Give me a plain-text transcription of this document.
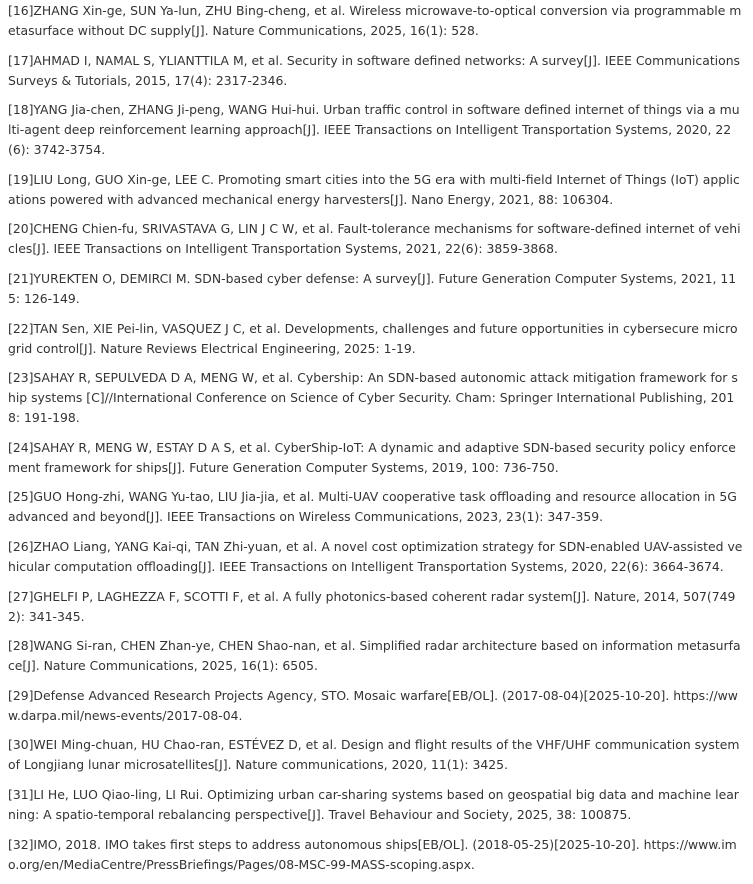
[16]ZHANG Xin-ge, SUN Ya-lun, ZHU Bing-cheng, et al. Wireless microwave-to-optical conversion via programmable metasurface without DC supply[J]. Nature Communications, 2025, 16(1): 528.

[17]AHMAD I, NAMAL S, YLIANTTILA M, et al. Security in software defined networks: A survey[J]. IEEE Communications Surveys & Tutorials, 2015, 17(4): 2317-2346.

[18]YANG Jia-chen, ZHANG Ji-peng, WANG Hui-hui. Urban traffic control in software defined internet of things via a multi-agent deep reinforcement learning approach[J]. IEEE Transactions on Intelligent Transportation Systems, 2020, 22(6): 3742-3754.

[19]LIU Long, GUO Xin-ge, LEE C. Promoting smart cities into the 5G era with multi-field Internet of Things (IoT) applications powered with advanced mechanical energy harvesters[J]. Nano Energy, 2021, 88: 106304.

[20]CHENG Chien-fu, SRIVASTAVA G, LIN J C W, et al. Fault-tolerance mechanisms for software-defined internet of vehicles[J]. IEEE Transactions on Intelligent Transportation Systems, 2021, 22(6): 3859-3868.

[21]YUREKTEN O, DEMIRCI M. SDN-based cyber defense: A survey[J]. Future Generation Computer Systems, 2021, 115: 126-149.

[22]TAN Sen, XIE Pei-lin, VASQUEZ J C, et al. Developments, challenges and future opportunities in cybersecure microgrid control[J]. Nature Reviews Electrical Engineering, 2025: 1-19.

[23]SAHAY R, SEPULVEDA D A, MENG W, et al. Cybership: An SDN-based autonomic attack mitigation framework for ship systems [C]//International Conference on Science of Cyber Security. Cham: Springer International Publishing, 2018: 191-198.

[24]SAHAY R, MENG W, ESTAY D A S, et al. CyberShip-IoT: A dynamic and adaptive SDN-based security policy enforcement framework for ships[J]. Future Generation Computer Systems, 2019, 100: 736-750.

[25]GUO Hong-zhi, WANG Yu-tao, LIU Jia-jia, et al. Multi-UAV cooperative task offloading and resource allocation in 5G advanced and beyond[J]. IEEE Transactions on Wireless Communications, 2023, 23(1): 347-359.

[26]ZHAO Liang, YANG Kai-qi, TAN Zhi-yuan, et al. A novel cost optimization strategy for SDN-enabled UAV-assisted vehicular computation offloading[J]. IEEE Transactions on Intelligent Transportation Systems, 2020, 22(6): 3664-3674.

[27]GHELFI P, LAGHEZZA F, SCOTTI F, et al. A fully photonics-based coherent radar system[J]. Nature, 2014, 507(7492): 341-345.

[28]WANG Si-ran, CHEN Zhan-ye, CHEN Shao-nan, et al. Simplified radar architecture based on information metasurface[J]. Nature Communications, 2025, 16(1): 6505.

[29]Defense Advanced Research Projects Agency, STO. Mosaic warfare[EB/OL]. (2017-08-04)[2025-10-20]. https://www.darpa.mil/news-events/2017-08-04.

[30]WEI Ming-chuan, HU Chao-ran, ESTÉVEZ D, et al. Design and flight results of the VHF/UHF communication system of Longjiang lunar microsatellites[J]. Nature communications, 2020, 11(1): 3425.

[31]LI He, LUO Qiao-ling, LI Rui. Optimizing urban car-sharing systems based on geospatial big data and machine learning: A spatio-temporal rebalancing perspective[J]. Travel Behaviour and Society, 2025, 38: 100875.

[32]IMO, 2018. IMO takes first steps to address autonomous ships[EB/OL]. (2018-05-25)[2025-10-20]. https://www.imo.org/en/MediaCentre/PressBriefings/Pages/08-MSC-99-MASS-scoping.aspx.
